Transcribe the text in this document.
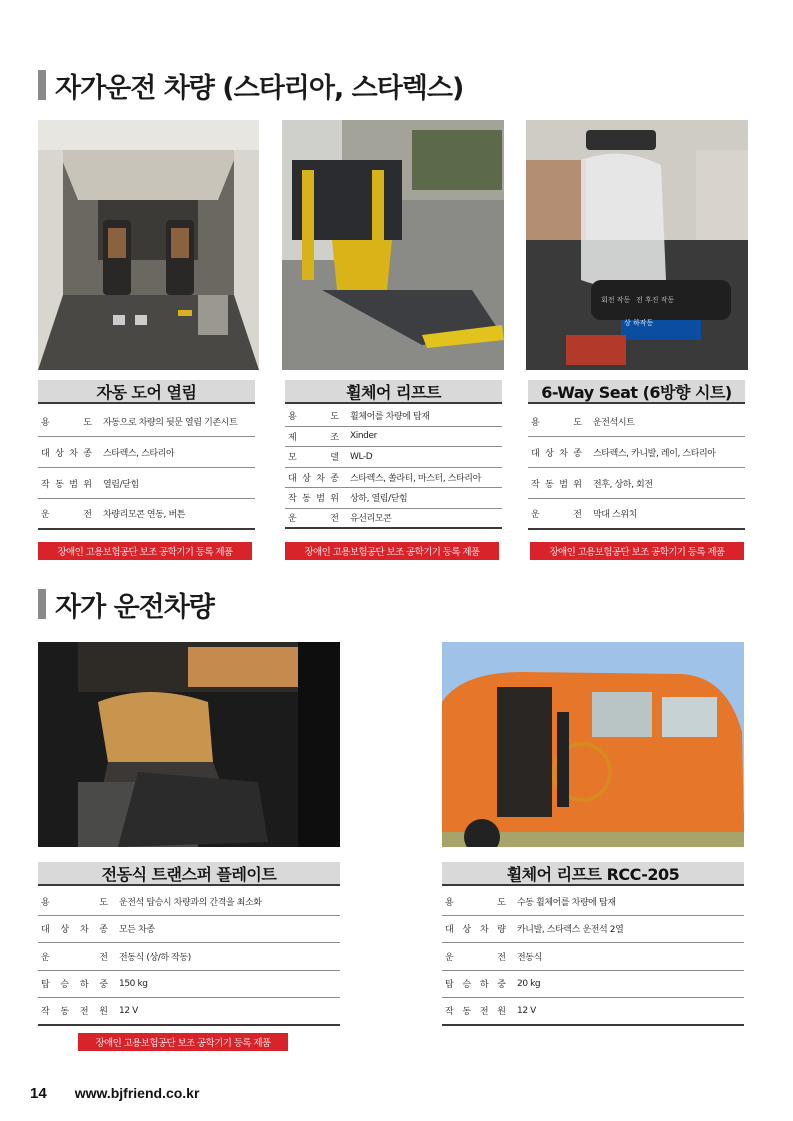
자가운전 차량 (스타리아, 스타렉스)
회전 작동 전 후진 작동
상 하작동
자동 도어 열림
용	도	자동으로 차량의 뒷문 열림 기존시트
대 상 차 종	스타렉스, 스타리아
작 동 범 위	열림/닫힘
운	전	차량리모콘 연동, 버튼
장애인 고용보험공단 보조 공학기기 등록 제품
휠체어 리프트
용	도	휠체어를 차량에 탑재
제	조	Xinder
모	델	WL-D
대 상 차 종	스타렉스, 쏠라티, 마스터, 스타리아
작 동 범 위	상하, 열림/닫힘
운	전	유선리모콘
장애인 고용보험공단 보조 공학기기 등록 제품
6-Way Seat (6방향 시트)
용	도	운전석시트
대 상 차 종	스타렉스, 카니발, 레이, 스타리아
작 동 범 위	전후, 상하, 회전
운	전	막대 스위치
장애인 고용보험공단 보조 공학기기 등록 제품
자가 운전차량
전동식 트랜스퍼 플레이트
용	도	운전석 탑승시 차량과의 간격을 최소화
대 상 차 종	모든 차종
운	전	전동식 (상/하 작동)
탑 승 하 중	150 kg
작 동 전 원	12 V
장애인 고용보험공단 보조 공학기기 등록 제품
휠체어 리프트 RCC-205
용	도	수동 휠체어를 차량에 탑재
대 상 차 량	카니발, 스타렉스 운전석 2열
운	전	전동식
탑 승 하 중	20 kg
작 동 전 원	12 V
14 www.bjfriend.co.kr
